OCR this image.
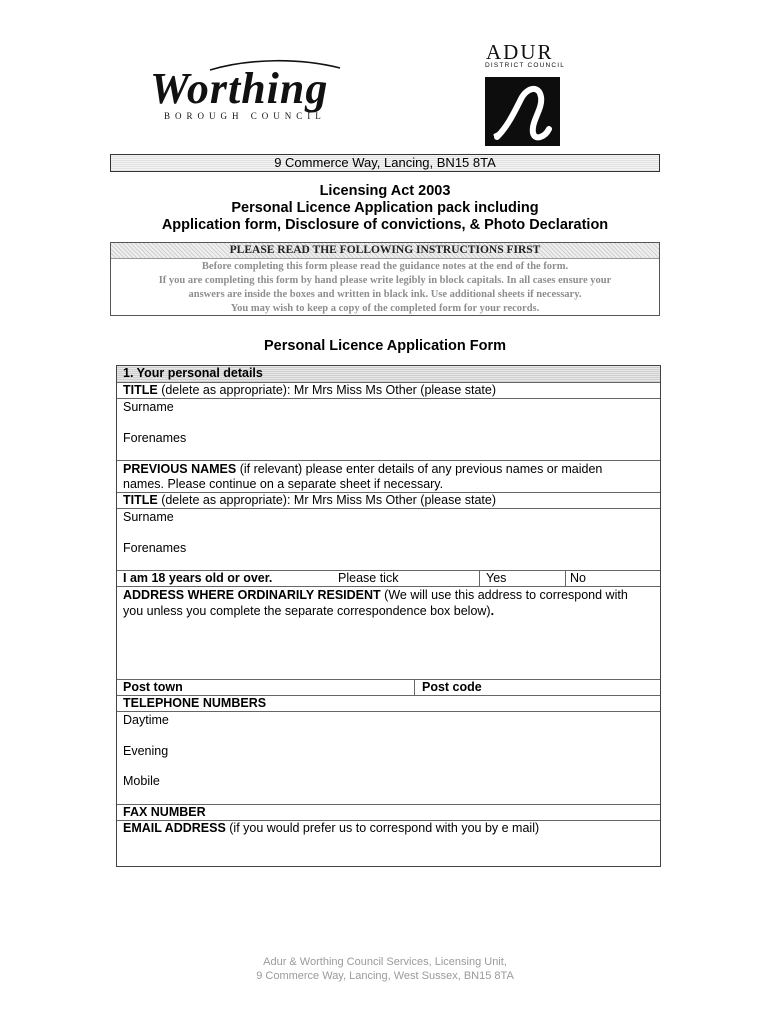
Worthing
BOROUGH COUNCIL
ADUR
DISTRICT COUNCIL
9 Commerce Way, Lancing, BN15 8TA
Licensing Act 2003
Personal Licence Application pack including
Application form, Disclosure of convictions, & Photo Declaration
PLEASE READ THE FOLLOWING INSTRUCTIONS FIRST
Before completing this form please read the guidance notes at the end of the form.
If you are completing this form by hand please write legibly in block capitals. In all cases ensure your
answers are inside the boxes and written in black ink. Use additional sheets if necessary.
You may wish to keep a copy of the completed form for your records.
Personal Licence Application Form
1. Your personal details
TITLE (delete as appropriate): Mr Mrs Miss Ms Other (please state)
Surname
Forenames
PREVIOUS NAMES (if relevant) please enter details of any previous names or maiden
names. Please continue on a separate sheet if necessary.
TITLE (delete as appropriate): Mr Mrs Miss Ms Other (please state)
Surname
Forenames
I am 18 years old or over.	Please tick	Yes	No
ADDRESS WHERE ORDINARILY RESIDENT (We will use this address to correspond with
you unless you complete the separate correspondence box below).
Post town	Post code
TELEPHONE NUMBERS
Daytime
Evening
Mobile
FAX NUMBER
EMAIL ADDRESS (if you would prefer us to correspond with you by e mail)
Adur & Worthing Council Services, Licensing Unit,
9 Commerce Way, Lancing, West Sussex, BN15 8TA
